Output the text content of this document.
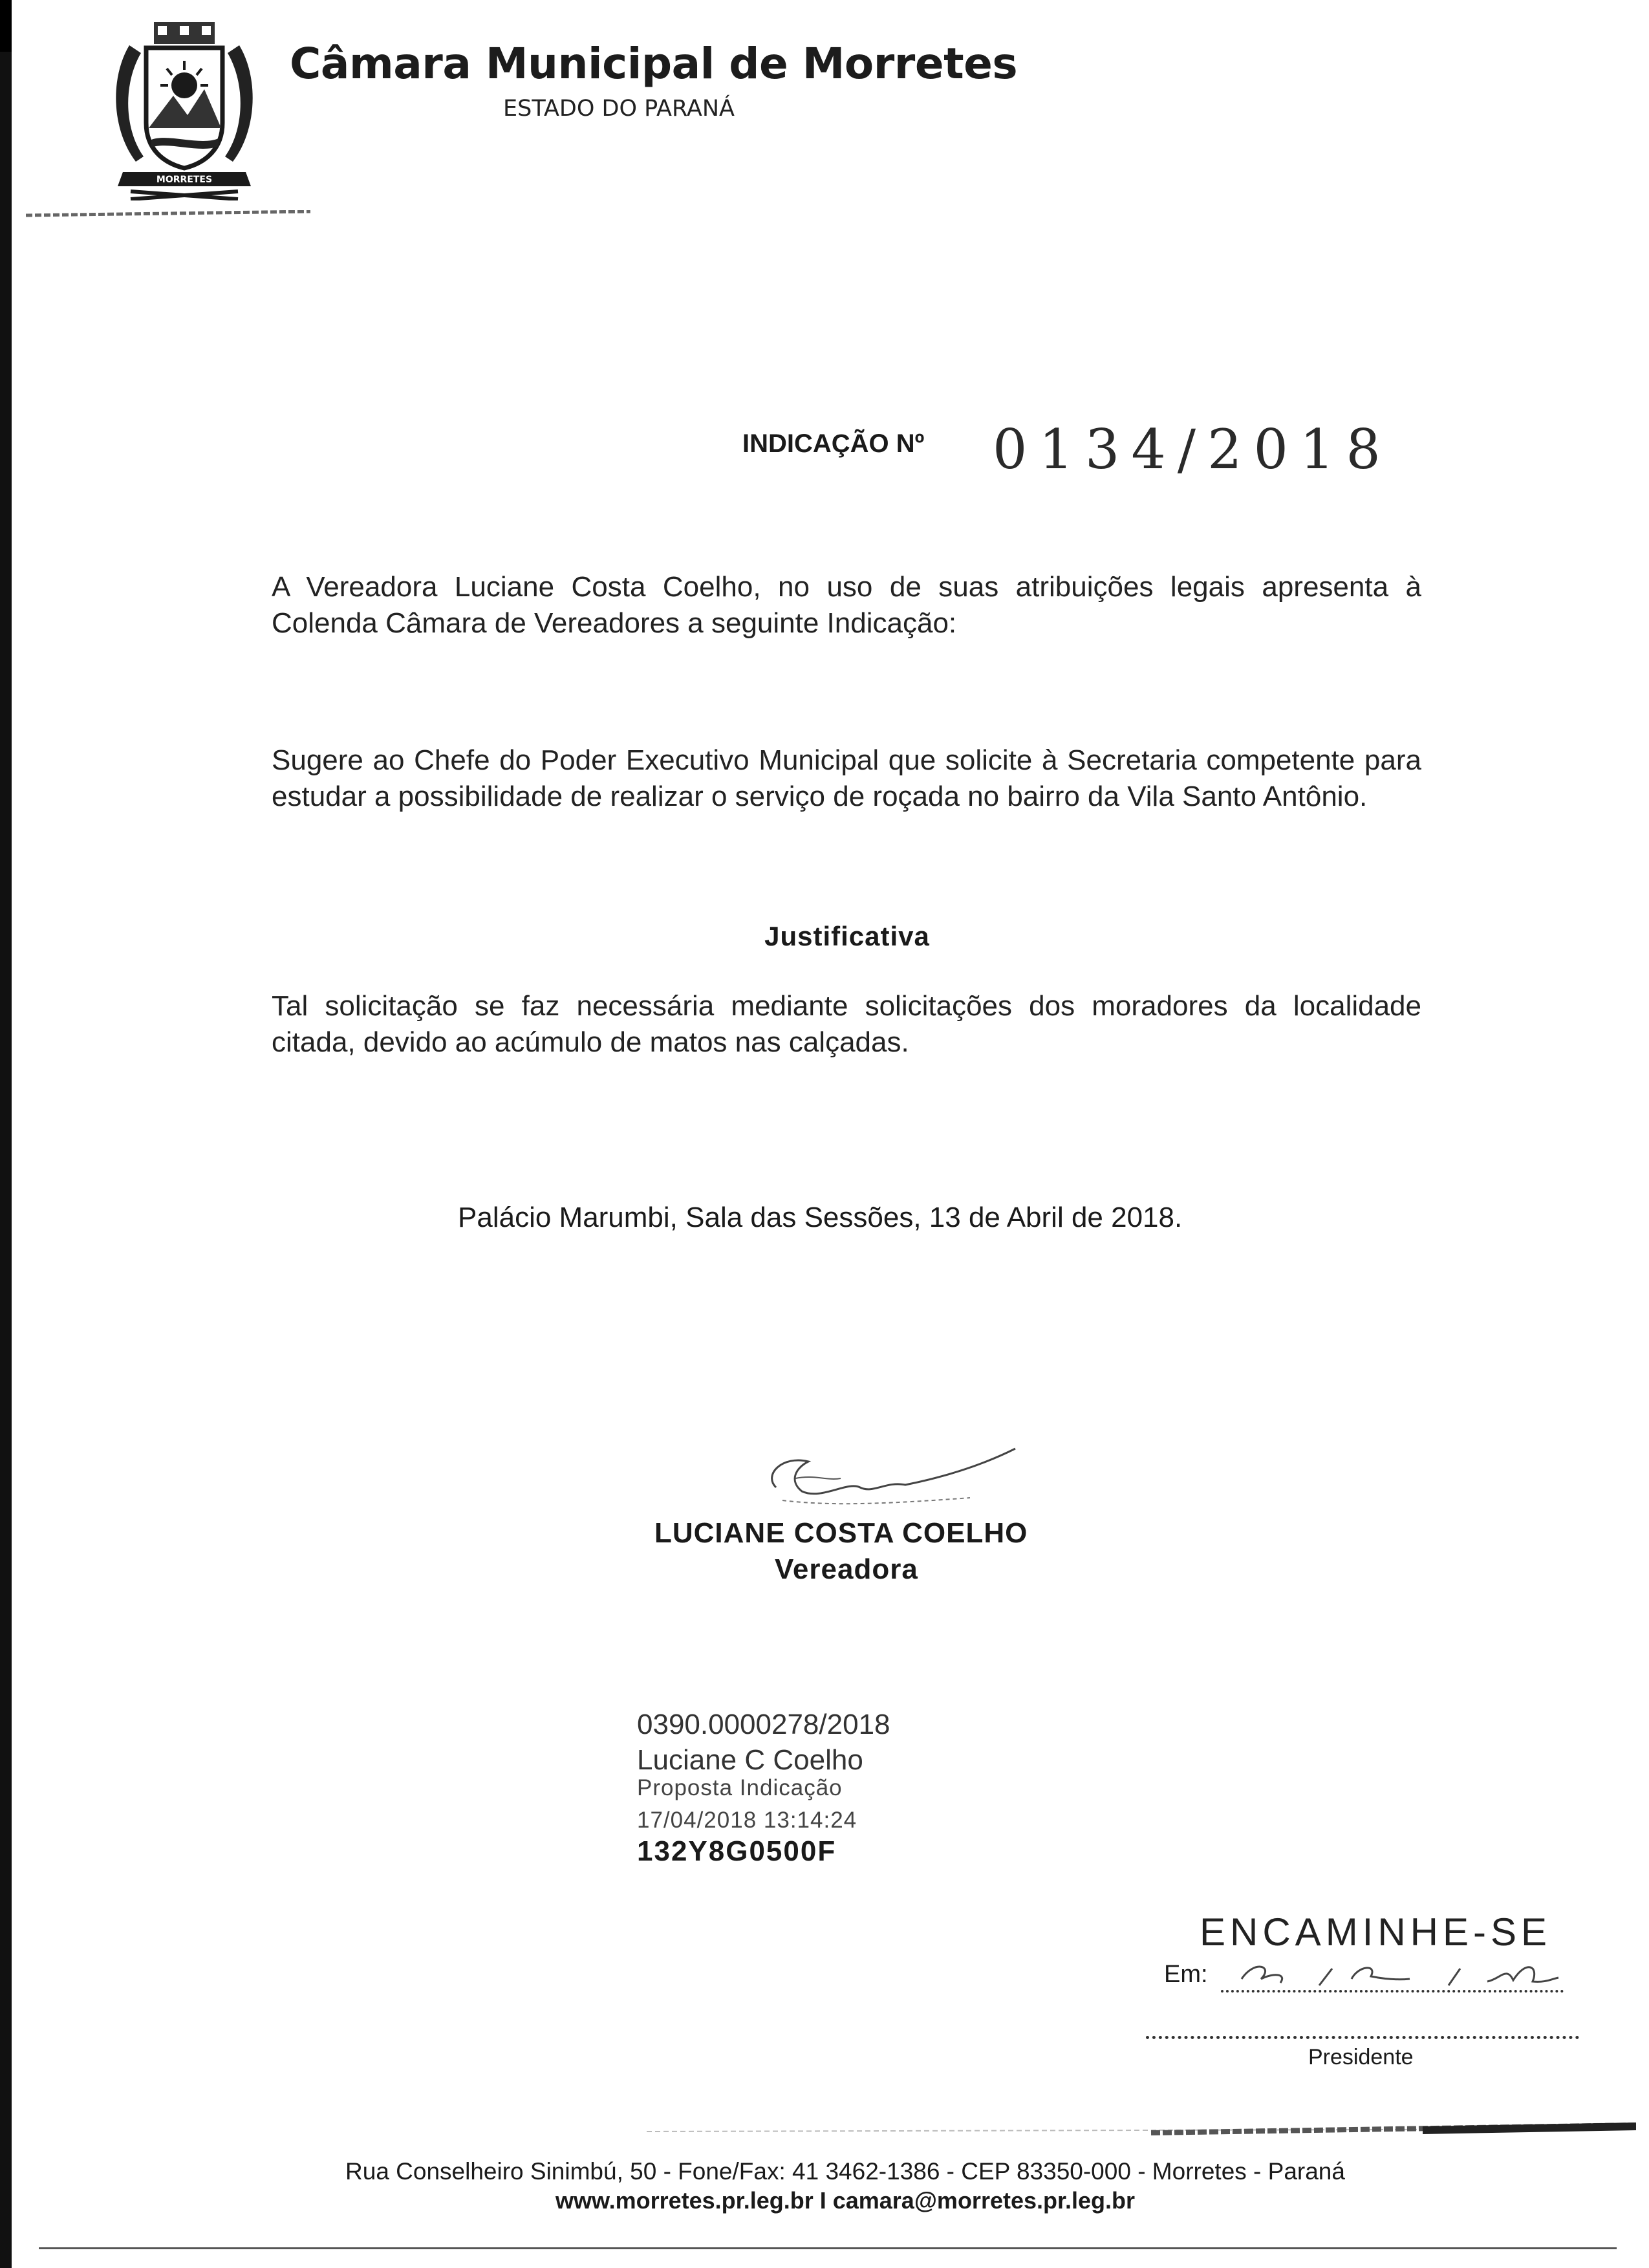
MORRETES
Câmara Municipal de Morretes
ESTADO DO PARANÁ
INDICAÇÃO Nº 0134/2018
A Vereadora Luciane Costa Coelho, no uso de suas atribuições legais apresenta à Colenda Câmara de Vereadores a seguinte Indicação:
Sugere ao Chefe do Poder Executivo Municipal que solicite à Secretaria competente para estudar a possibilidade de realizar o serviço de roçada no bairro da Vila Santo Antônio.
Justificativa
Tal solicitação se faz necessária mediante solicitações dos moradores da localidade citada, devido ao acúmulo de matos nas calçadas.
Palácio Marumbi, Sala das Sessões, 13 de Abril de 2018.
LUCIANE COSTA COELHO
Vereadora
0390.0000278/2018
Luciane C Coelho
Proposta Indicação
17/04/2018 13:14:24
132Y8G0500F
ENCAMINHE-SE
Em:
Presidente
Rua Conselheiro Sinimbú, 50 - Fone/Fax: 41 3462-1386 - CEP 83350-000 - Morretes - Paraná
www.morretes.pr.leg.br I camara@morretes.pr.leg.br
